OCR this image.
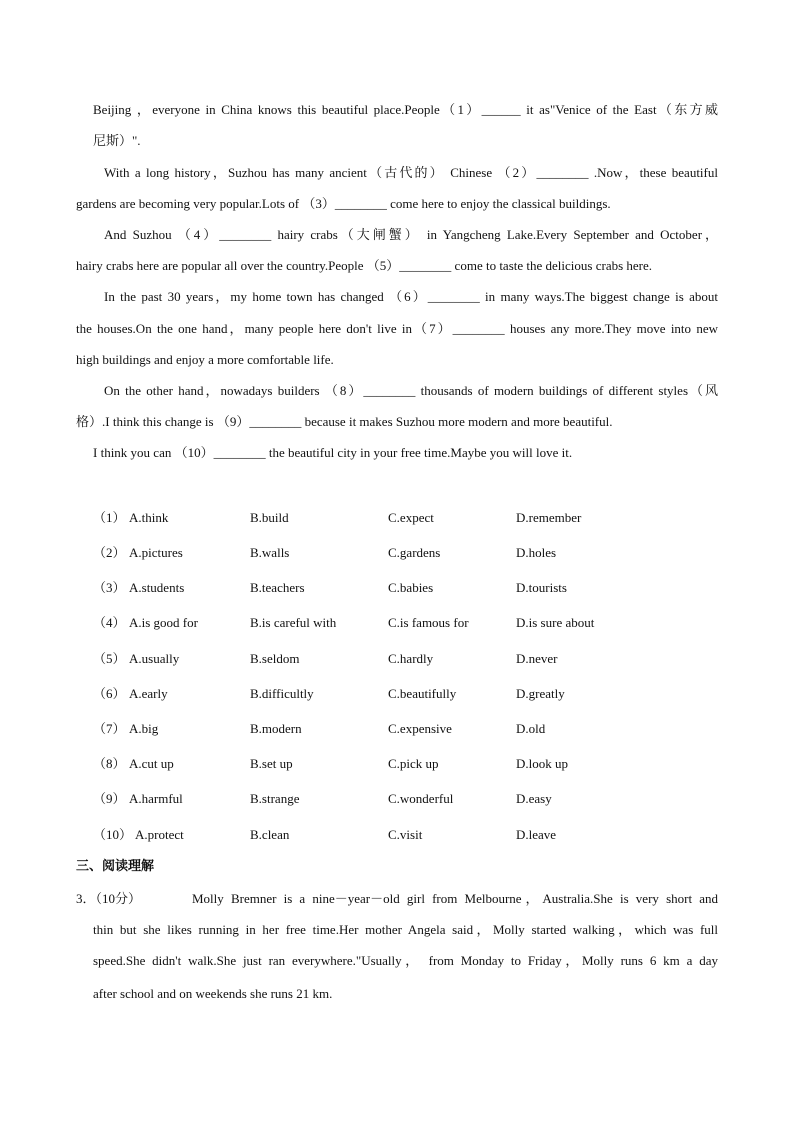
Beijing ，everyone in China knows this beautiful place.People（1）______ it as"Venice of the East（东方威
尼斯）".
With a long history，Suzhou has many ancient（古代的） Chinese （2）________ .Now，these beautiful
gardens are becoming very popular.Lots of （3）________ come here to enjoy the classical buildings.
And Suzhou （4）________ hairy crabs（大闸蟹） in Yangcheng Lake.Every September and October，
hairy crabs here are popular all over the country.People （5）________ come to taste the delicious crabs here.
In the past 30 years，my home town has changed （6）________ in many ways.The biggest change is about
the houses.On the one hand，many people here don't live in（7）________ houses any more.They move into new
high buildings and enjoy a more comfortable life.
On the other hand，nowadays builders （8）________ thousands of modern buildings of different styles（风
格）.I think this change is （9）________ because it makes Suzhou more modern and more beautiful.
I think you can （10）________ the beautiful city in your free time.Maybe you will love it.
（1） A.think	B.build	C.expect	D.remember
（2） A.pictures	B.walls	C.gardens	D.holes
（3） A.students	B.teachers	C.babies	D.tourists
（4） A.is good for	B.is careful with	C.is famous for	D.is sure about
（5） A.usually	B.seldom	C.hardly	D.never
（6） A.early	B.difficultly	C.beautifully	D.greatly
（7） A.big	B.modern	C.expensive	D.old
（8） A.cut up	B.set up	C.pick up	D.look up
（9） A.harmful	B.strange	C.wonderful	D.easy
（10） A.protect	B.clean	C.visit	D.leave
三、阅读理解
3．（10分）	Molly Bremner is a nine－year－old girl from Melbourne，Australia.She is very short and
thin but she likes running in her free time.Her mother Angela said，Molly started walking，which was full
speed.She didn't walk.She just ran everywhere."Usually， from Monday to Friday，Molly runs 6 km a day
after school and on weekends she runs 21 km.
